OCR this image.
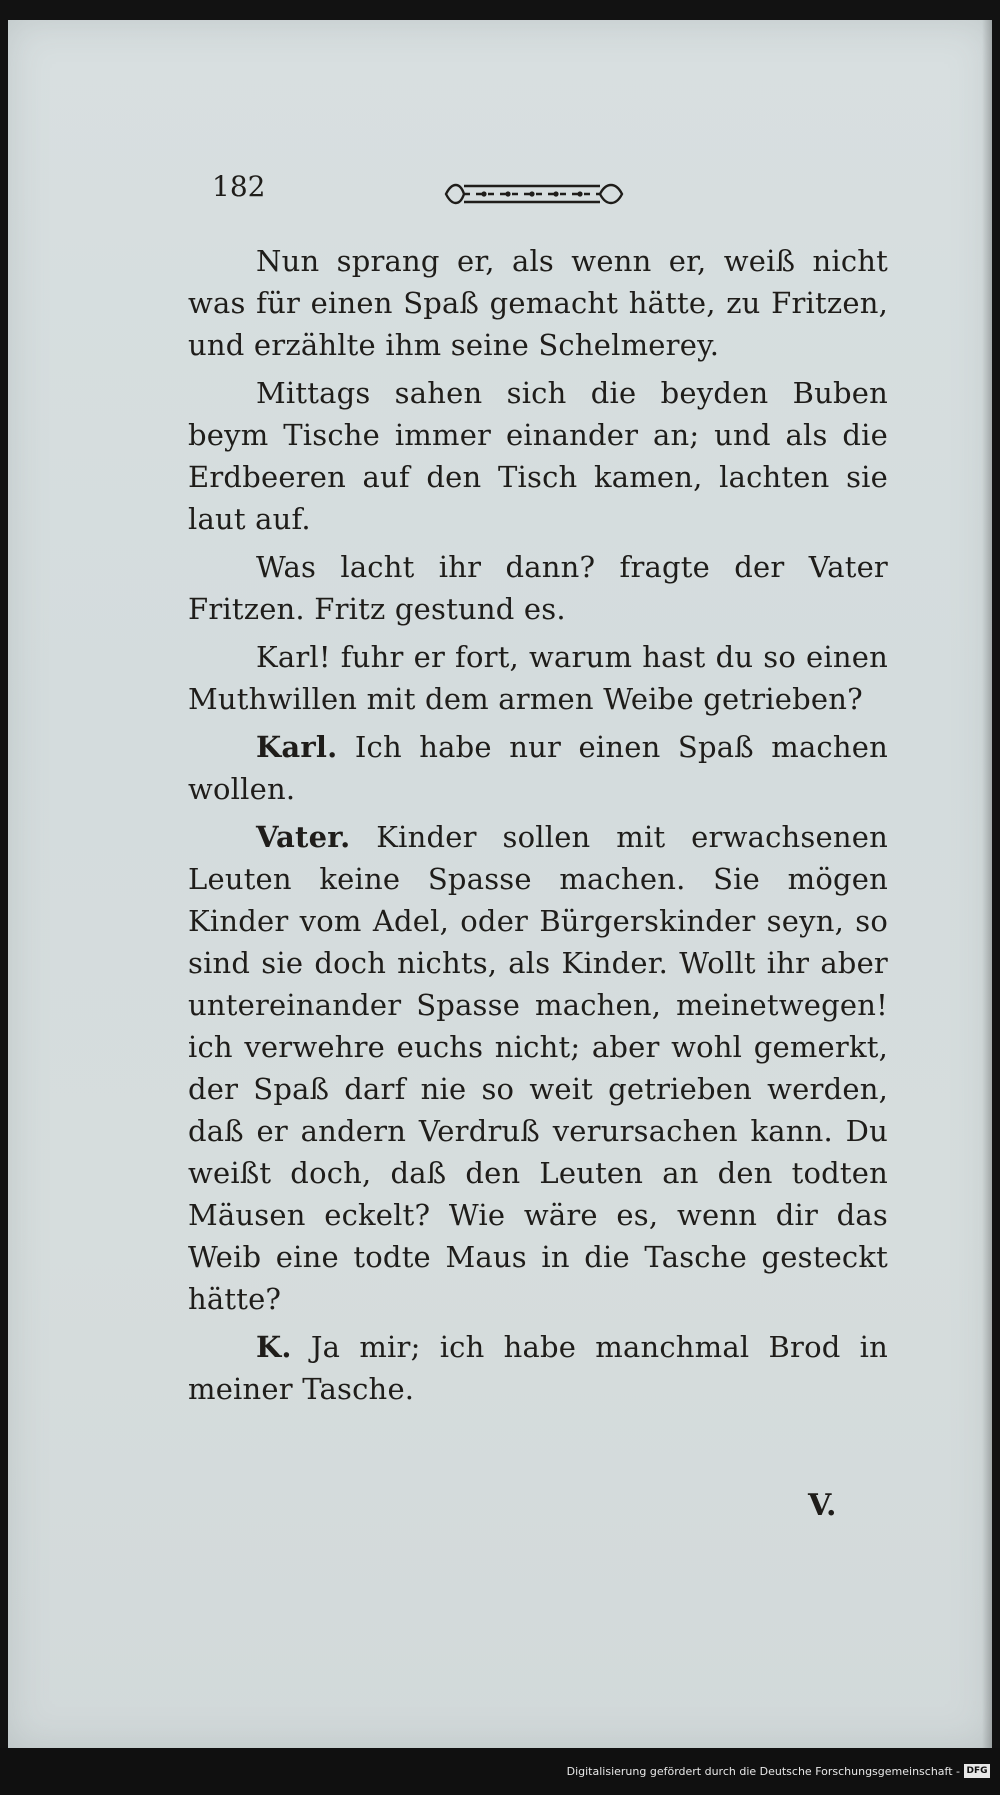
182

Nun sprang er, als wenn er, weiß nicht was für einen Spaß gemacht hätte, zu Fritzen, und erzählte ihm seine Schelmerey.

Mittags sahen sich die beyden Buben beym Tische immer einander an; und als die Erdbeeren auf den Tisch kamen, lachten sie laut auf.

Was lacht ihr dann? fragte der Vater Fritzen. Fritz gestund es.

Karl! fuhr er fort, warum hast du so einen Muthwillen mit dem armen Weibe getrieben?

Karl. Ich habe nur einen Spaß machen wollen.

Vater. Kinder sollen mit erwachsenen Leuten keine Spasse machen. Sie mögen Kinder vom Adel, oder Bürgerskinder seyn, so sind sie doch nichts, als Kinder. Wollt ihr aber untereinander Spasse machen, meinetwegen! ich verwehre euchs nicht; aber wohl gemerkt, der Spaß darf nie so weit getrieben werden, daß er andern Verdruß verursachen kann. Du weißt doch, daß den Leuten an den todten Mäusen eckelt? Wie wäre es, wenn dir das Weib eine todte Maus in die Tasche gesteckt hätte?

K. Ja mir; ich habe manchmal Brod in meiner Tasche.

V.
Digitalisierung gefördert durch die Deutsche Forschungsgemeinschaft - DFG
